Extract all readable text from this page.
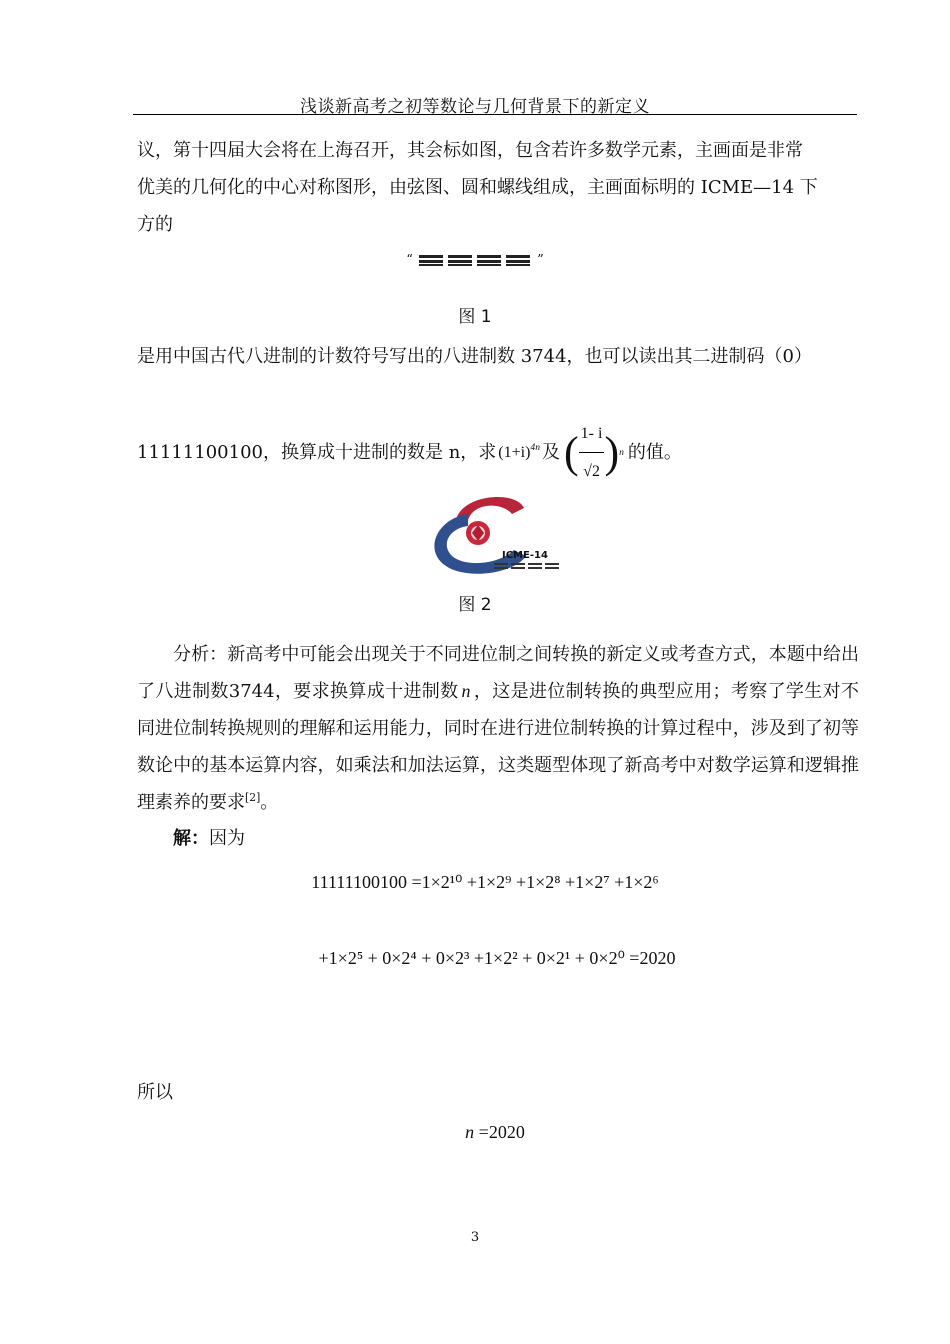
浅谈新高考之初等数论与几何背景下的新定义
议，第十四届大会将在上海召开，其会标如图，包含若许多数学元素，主画面是非常
优美的几何化的中心对称图形，由弦图、圆和螺线组成，主画面标明的 ICME—14 下
方的
“	”
图 1
是用中国古代八进制的计数符号写出的八进制数 3744，也可以读出其二进制码（0）
11111100100，换算成十进制的数是 n，求 $(1+i)^{4n}$ 及 ( $\frac{1- i}{√2}$ ) n 的值。
ICME-14
图 2
分析：新高考中可能会出现关于不同进位制之间转换的新定义或考查方式，本题中给出了八进制数3744，要求换算成十进制数 n ，这是进位制转换的典型应用；考察了学生对不同进位制转换规则的理解和运用能力，同时在进行进位制转换的计算过程中，涉及到了初等数论中的基本运算内容，如乘法和加法运算，这类题型体现了新高考中对数学运算和逻辑推理素养的要求[2]。
解：因为
11111100100 =1×2¹⁰ +1×2⁹ +1×2⁸ +1×2⁷ +1×2⁶
+1×2⁵ + 0×2⁴ + 0×2³ +1×2² + 0×2¹ + 0×2⁰ =2020
所以
n =2020
3
